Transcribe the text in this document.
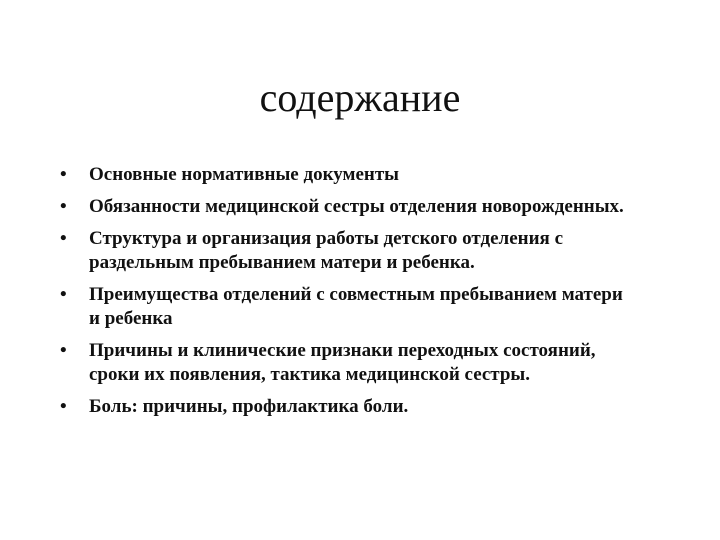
содержание
• Основные нормативные документы
• Обязанности медицинской сестры отделения новорожденных.
• Структура и организация работы детского отделения с раздельным пребыванием матери и ребенка.
• Преимущества отделений с совместным пребыванием матери и ребенка
• Причины и клинические признаки переходных состояний, сроки их появления, тактика медицинской сестры.
• Боль: причины, профилактика боли.
